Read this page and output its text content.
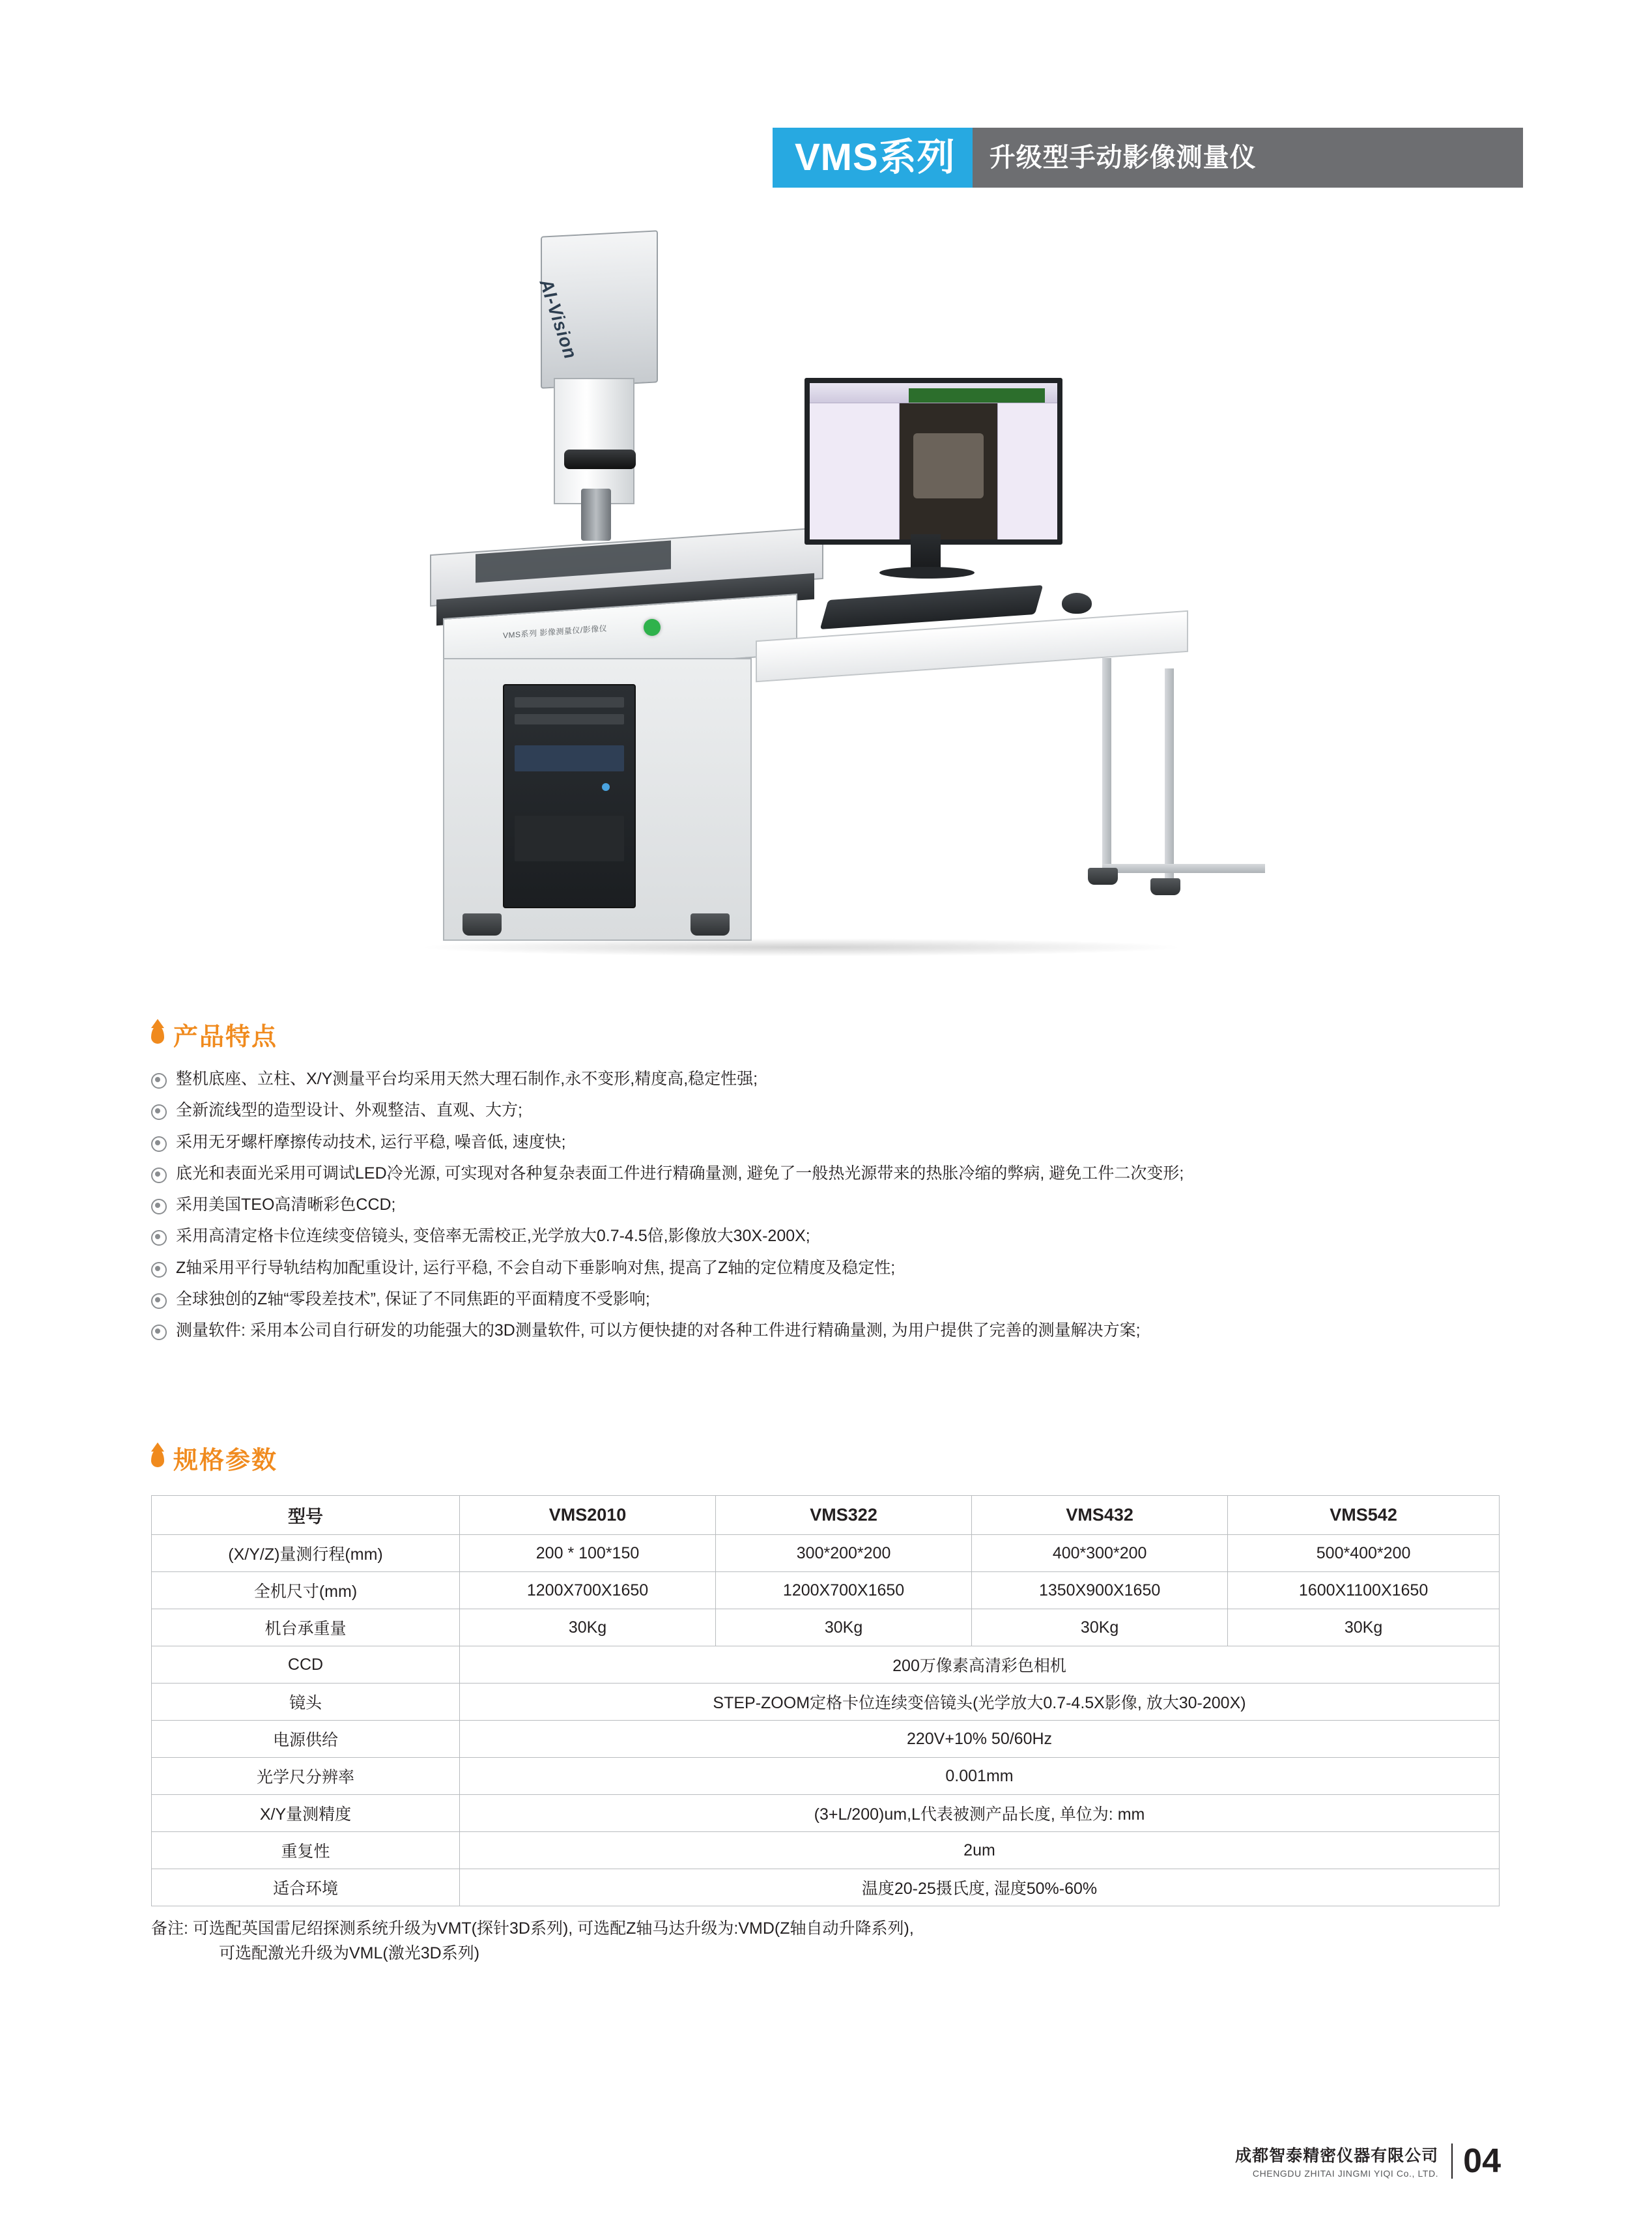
VMS系列 升级型手动影像测量仪
AI-Vision
VMS系列 影像测量仪/影像仪
产品特点
整机底座、立柱、X/Y测量平台均采用天然大理石制作,永不变形,精度高,稳定性强;
全新流线型的造型设计、外观整洁、直观、大方;
采用无牙螺杆摩擦传动技术, 运行平稳, 噪音低, 速度快;
底光和表面光采用可调试LED冷光源, 可实现对各种复杂表面工件进行精确量测, 避免了一般热光源带来的热胀冷缩的弊病, 避免工件二次变形;
采用美国TEO高清晰彩色CCD;
采用高清定格卡位连续变倍镜头, 变倍率无需校正,光学放大0.7-4.5倍,影像放大30X-200X;
Z轴采用平行导轨结构加配重设计, 运行平稳, 不会自动下垂影响对焦, 提高了Z轴的定位精度及稳定性;
全球独创的Z轴“零段差技术”, 保证了不同焦距的平面精度不受影响;
测量软件: 采用本公司自行研发的功能强大的3D测量软件, 可以方便快捷的对各种工件进行精确量测, 为用户提供了完善的测量解决方案;
规格参数
型号	VMS2010	VMS322	VMS432	VMS542
(X/Y/Z)量测行程(mm)	200 * 100*150	300*200*200	400*300*200	500*400*200
全机尺寸(mm)	1200X700X1650	1200X700X1650	1350X900X1650	1600X1100X1650
机台承重量	30Kg	30Kg	30Kg	30Kg
CCD	200万像素高清彩色相机			
镜头	STEP-ZOOM定格卡位连续变倍镜头(光学放大0.7-4.5X影像, 放大30-200X)			
电源供给	220V+10% 50/60Hz			
光学尺分辨率	0.001mm			
X/Y量测精度	(3+L/200)um,L代表被测产品长度, 单位为: mm			
重复性	2um			
适合环境	温度20-25摄氏度, 湿度50%-60%			
备注: 可选配英国雷尼绍探测系统升级为VMT(探针3D系列), 可选配Z轴马达升级为:VMD(Z轴自动升降系列),
可选配激光升级为VML(激光3D系列)
成都智泰精密仪器有限公司
CHENGDU ZHITAI JINGMI YIQI Co., LTD. 04
